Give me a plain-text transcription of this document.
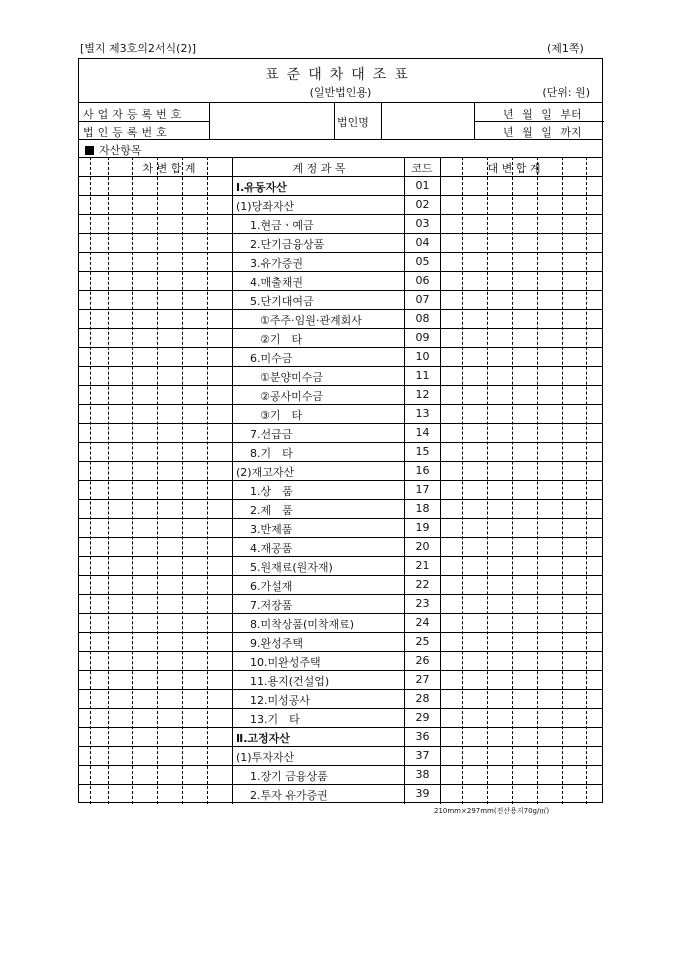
[별지 제3호의2서식(2)]	(제1쪽)
표준대차대조표
(일반법인용)	(단위: 원)
사업자등록번호
법인등록번호
법인명
년 월 일 부터
년 월 일 까지
자산항목
차 변 합 계	계 정 과 목	코드	대 변 합 계
Ⅰ.유동자산	01
(1)당좌자산	02
1.현금ㆍ예금	03
2.단기금융상품	04
3.유가증권	05
4.매출채권	06
5.단기대여금	07
①주주·임원·관계회사	08
②기　타	09
6.미수금	10
①분양미수금	11
②공사미수금	12
③기　타	13
7.선급금	14
8.기　타	15
(2)재고자산	16
1.상　품	17
2.제　품	18
3.반제품	19
4.재공품	20
5.원재료(원자재)	21
6.가설재	22
7.저장품	23
8.미착상품(미착재료)	24
9.완성주택	25
10.미완성주택	26
11.용지(건설업)	27
12.미성공사	28
13.기　타	29
Ⅱ.고정자산	36
(1)투자자산	37
1.장기 금융상품	38
2.투자 유가증권	39
210mm×297mm(전산용지70g/㎡)
